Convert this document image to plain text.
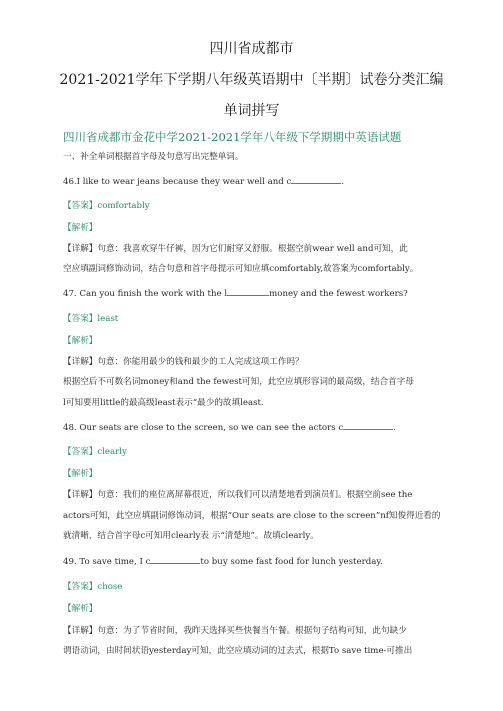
四川省成都市
2021-2021学年下学期八年级英语期中〔半期〕试卷分类汇编
单词拼写
四川省成都市金花中学2021-2021学年八年级下学期期中英语试题
一、补全单词根据首字母及句意写出完整单词。
46.I like to wear jeans because they wear well and c	.
【答案】comfortably
【解析】
【详解】句意：我喜欢穿牛仔裤，因为它们耐穿又舒服。根据空前wear well and可知，此
空应填副词修饰动词，结合句意和首字母提示可知应填comfortably,故答案为comfortably。
47. Can you finish the work with the l	money and the fewest workers?
【答案】least
【解析】
【详解】句意：你能用最少的钱和最少的工人完成这项工作吗？
根据空后不可数名词money和and the fewest可知，此空应填形容词的最高级，结合首字母
l可知要用little的最高级least表示“最少的故填least.
48. Our seats are close to the screen, so we can see the actors c	.
【答案】clearly
【解析】
【详解】句意：我们的座位离屏幕很近，所以我们可以清楚地看到演员们。根据空前see the
actors可知，此空应填副词修饰动词，根据“Our seats are close to the screen”nf知俊得近看的
就清晰，结合首字母c可知用clearly表 示“清楚地”。故填clearly。
49. To save time, I c	to buy some fast food for lunch yesterday.
【答案】chose
【解析】
【详解】句意：为了节省时间，我昨天选择买些快餐当午餐。根据句子结构可知，此句缺少
谓语动词，由时间状语yesterday可知，此空应填动词的过去式，根据To save time-可推出
